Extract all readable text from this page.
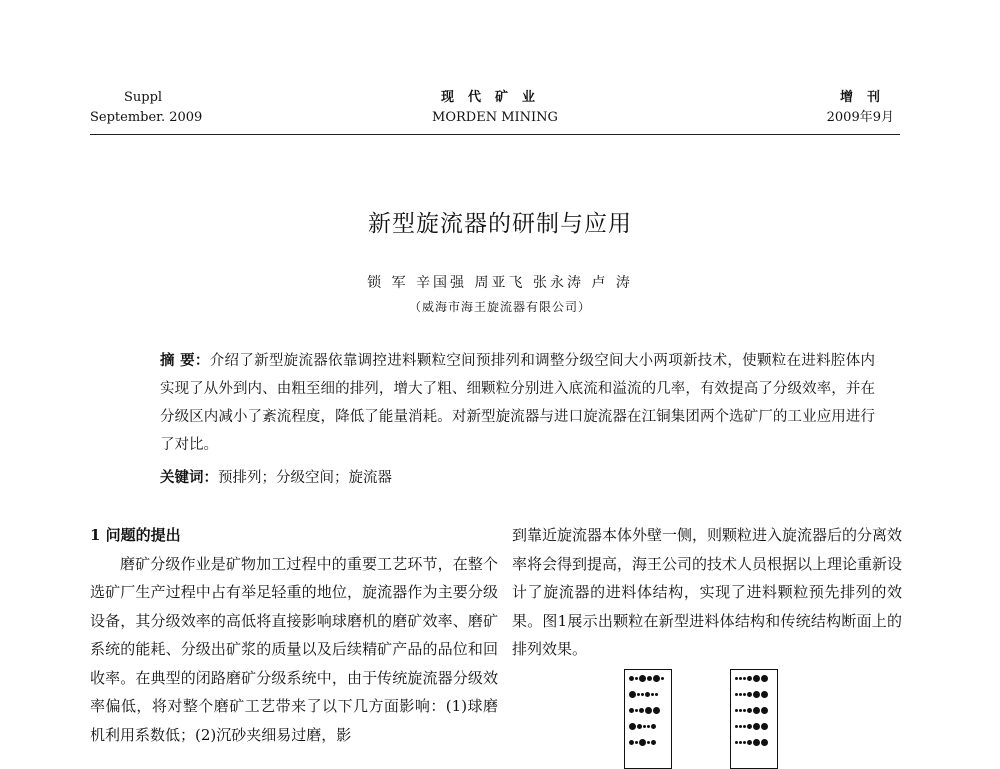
Suppl
September. 2009
现代矿业
MORDEN MINING
增刊
2009年9月
新型旋流器的研制与应用
锁 军 辛国强 周亚飞 张永涛 卢 涛
（威海市海王旋流器有限公司）
摘 要：介绍了新型旋流器依靠调控进料颗粒空间预排列和调整分级空间大小两项新技术，使颗粒在进料腔体内实现了从外到内、由粗至细的排列，增大了粗、细颗粒分别进入底流和溢流的几率，有效提高了分级效率，并在分级区内减小了紊流程度，降低了能量消耗。对新型旋流器与进口旋流器在江铜集团两个选矿厂的工业应用进行了对比。
关键词：预排列；分级空间；旋流器
1 问题的提出
磨矿分级作业是矿物加工过程中的重要工艺环节，在整个选矿厂生产过程中占有举足轻重的地位，旋流器作为主要分级设备，其分级效率的高低将直接影响球磨机的磨矿效率、磨矿系统的能耗、分级出矿浆的质量以及后续精矿产品的品位和回收率。在典型的闭路磨矿分级系统中，由于传统旋流器分级效率偏低，将对整个磨矿工艺带来了以下几方面影响：(1)球磨机利用系数低；(2)沉砂夹细易过磨，影
到靠近旋流器本体外壁一侧，则颗粒进入旋流器后的分离效率将会得到提高，海王公司的技术人员根据以上理论重新设计了旋流器的进料体结构，实现了进料颗粒预先排列的效果。图1展示出颗粒在新型进料体结构和传统结构断面上的排列效果。
